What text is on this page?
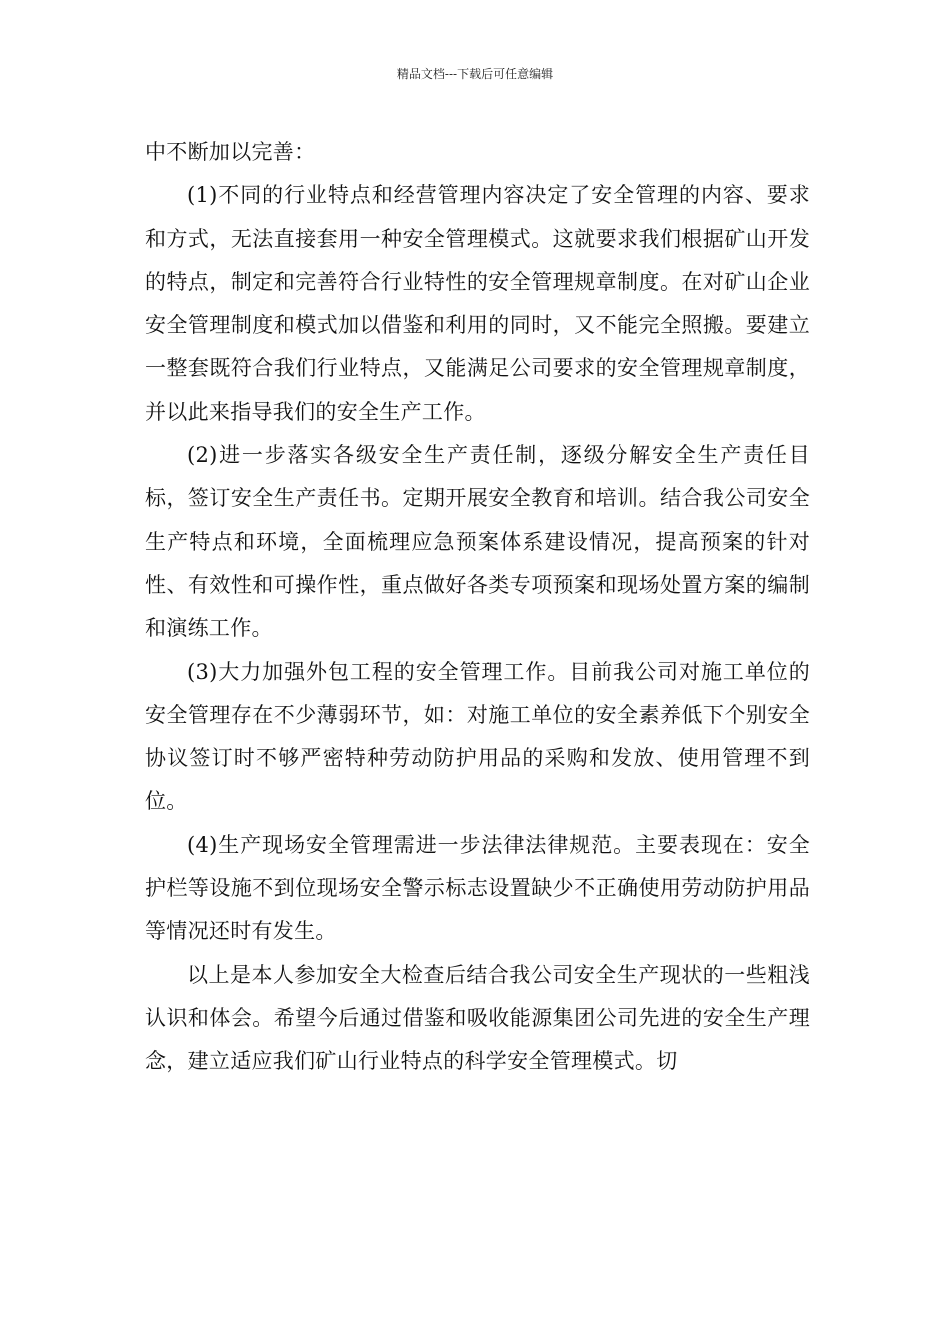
精品文档---下载后可任意编辑

中不断加以完善：

(1)不同的行业特点和经营管理内容决定了安全管理的内容、要求和方式，无法直接套用一种安全管理模式。这就要求我们根据矿山开发的特点，制定和完善符合行业特性的安全管理规章制度。在对矿山企业安全管理制度和模式加以借鉴和利用的同时，又不能完全照搬。要建立一整套既符合我们行业特点，又能满足公司要求的安全管理规章制度，并以此来指导我们的安全生产工作。

(2)进一步落实各级安全生产责任制，逐级分解安全生产责任目标，签订安全生产责任书。定期开展安全教育和培训。结合我公司安全生产特点和环境，全面梳理应急预案体系建设情况，提高预案的针对性、有效性和可操作性，重点做好各类专项预案和现场处置方案的编制和演练工作。

(3)大力加强外包工程的安全管理工作。目前我公司对施工单位的安全管理存在不少薄弱环节，如：对施工单位的安全素养低下个别安全协议签订时不够严密特种劳动防护用品的采购和发放、使用管理不到位。

(4)生产现场安全管理需进一步法律法律规范。主要表现在：安全护栏等设施不到位现场安全警示标志设置缺少不正确使用劳动防护用品等情况还时有发生。

以上是本人参加安全大检查后结合我公司安全生产现状的一些粗浅认识和体会。希望今后通过借鉴和吸收能源集团公司先进的安全生产理念，建立适应我们矿山行业特点的科学安全管理模式。切
